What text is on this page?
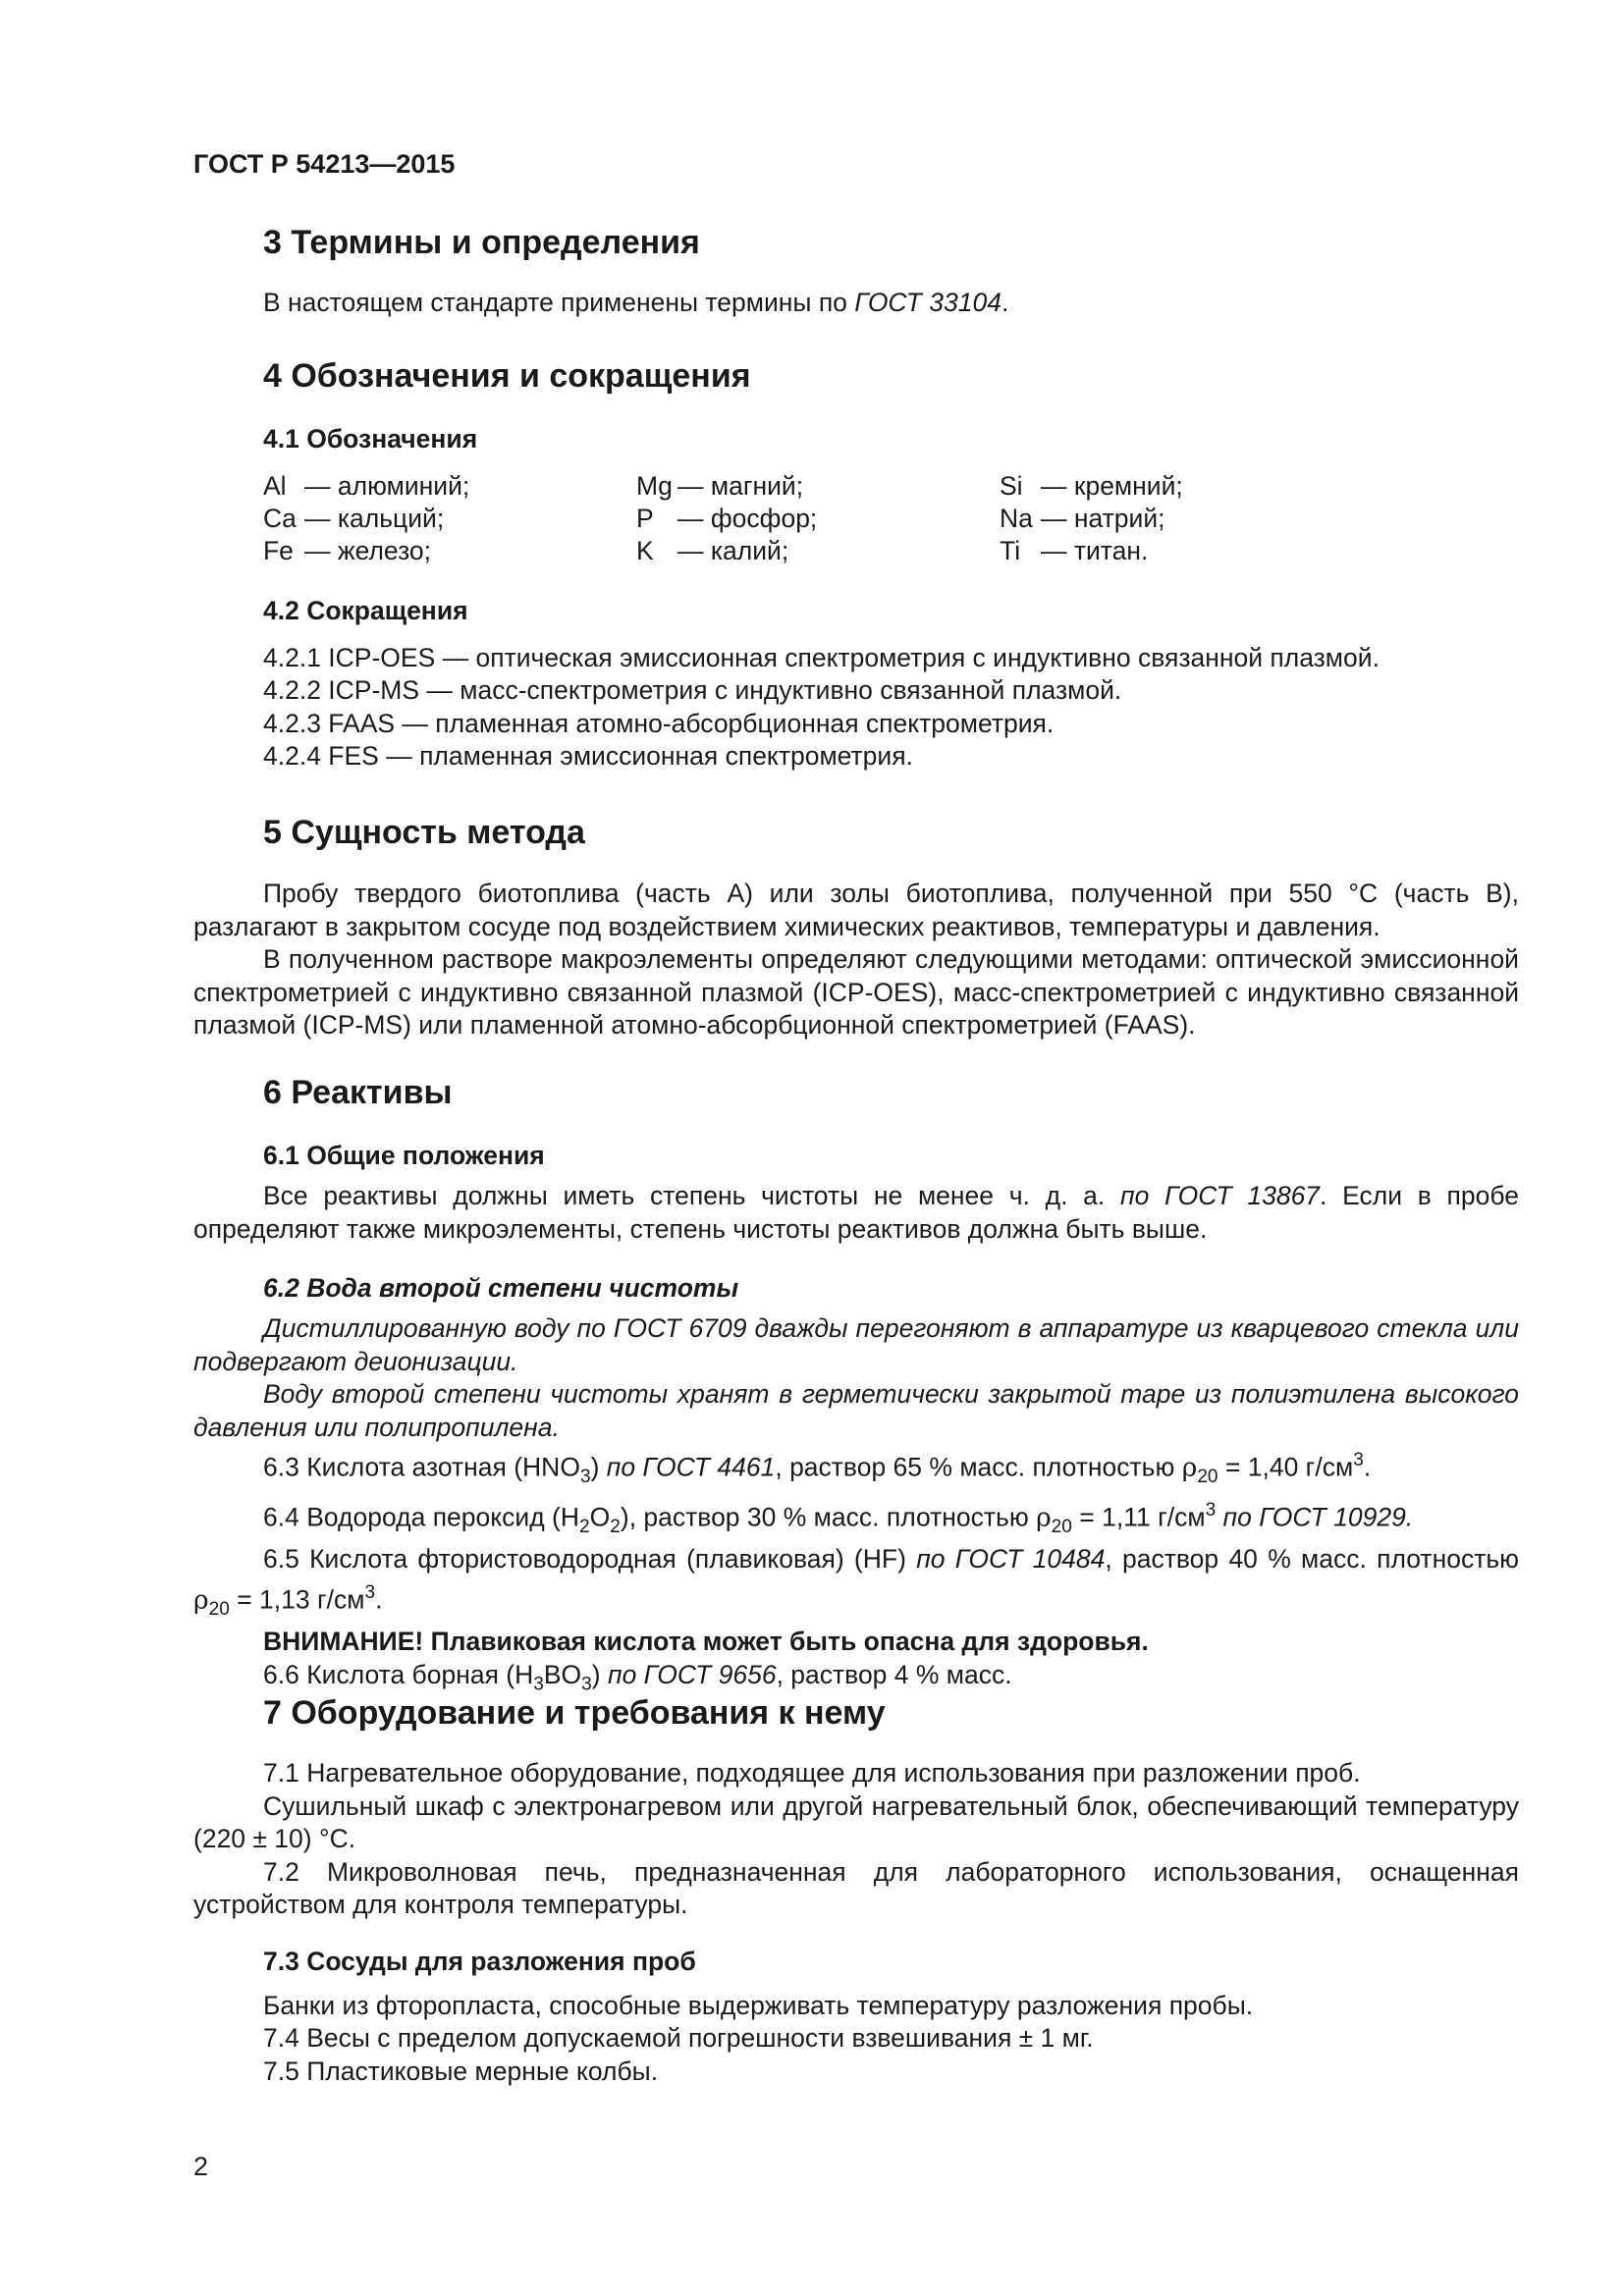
ГОСТ Р 54213—2015
3 Термины и определения
В настоящем стандарте применены термины по ГОСТ 33104.
4 Обозначения и сокращения
4.1 Обозначения
Al — алюминий;	Mg — магний;	Si — кремний;
Ca — кальций;	P — фосфор;	Na — натрий;
Fe — железо;	K — калий;	Ti — титан.
4.2 Сокращения
4.2.1 ICP-OES — оптическая эмиссионная спектрометрия с индуктивно связанной плазмой.
4.2.2 ICP-MS — масс-спектрометрия с индуктивно связанной плазмой.
4.2.3 FAAS — пламенная атомно-абсорбционная спектрометрия.
4.2.4 FES — пламенная эмиссионная спектрометрия.
5 Сущность метода

Пробу твердого биотоплива (часть А) или золы биотоплива, полученной при 550 °С (часть В), разлагают в закрытом сосуде под воздействием химических реактивов, температуры и давления.

В полученном растворе макроэлементы определяют следующими методами: оптической эмиссионной спектрометрией с индуктивно связанной плазмой (ICP-OES), масс-спектрометрией с индуктивно связанной плазмой (ICP-MS) или пламенной атомно-абсорбционной спектрометрией (FAAS).

6 Реактивы
6.1 Общие положения

Все реактивы должны иметь степень чистоты не менее ч. д. а. по ГОСТ 13867. Если в пробе определяют также микроэлементы, степень чистоты реактивов должна быть выше.

6.2 Вода второй степени чистоты

Дистиллированную воду по ГОСТ 6709 дважды перегоняют в аппаратуре из кварцевого стекла или подвергают деионизации.

Воду второй степени чистоты хранят в герметически закрытой таре из полиэтилена высокого давления или полипропилена.

6.3 Кислота азотная $(HNO_3)$ по ГОСТ 4461, раствор 65 % масс. плотностью $\rho_{20} = 1,40$ $г/см^3$.

6.4 Водорода пероксид $(H_2O_2)$, раствор 30 % масс. плотностью $\rho_{20} = 1,11$ $г/см^3$ по ГОСТ 10929.

6.5 Кислота фтористоводородная (плавиковая) (HF) по ГОСТ 10484, раствор 40 % масс. плотностью $\rho_{20} = 1,13$ $г/см^3$.

ВНИМАНИЕ! Плавиковая кислота может быть опасна для здоровья.

6.6 Кислота борная $(H_3BO_3)$ по ГОСТ 9656, раствор 4 % масс.

7 Оборудование и требования к нему

7.1 Нагревательное оборудование, подходящее для использования при разложении проб.

Сушильный шкаф с электронагревом или другой нагревательный блок, обеспечивающий температуру (220 ± 10) °С.

7.2 Микроволновая печь, предназначенная для лабораторного использования, оснащенная устройством для контроля температуры.

7.3 Сосуды для разложения проб
Банки из фторопласта, способные выдерживать температуру разложения пробы.
7.4 Весы с пределом допускаемой погрешности взвешивания ± 1 мг.
7.5 Пластиковые мерные колбы.
2
